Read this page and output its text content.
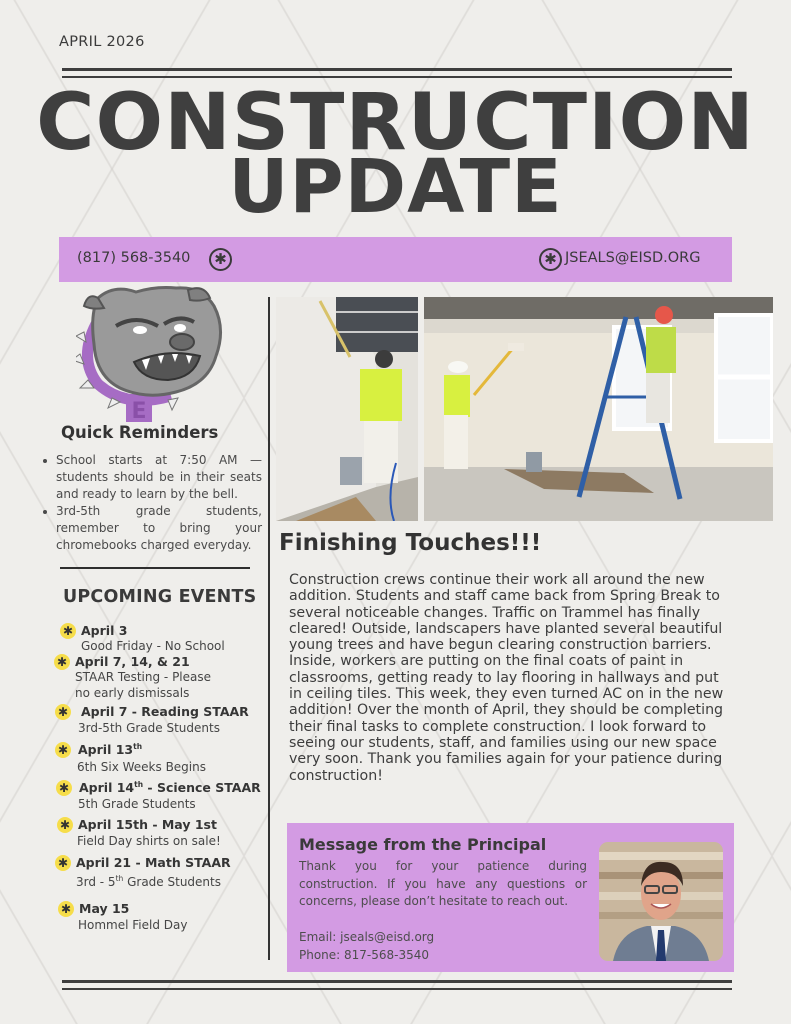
APRIL 2026
CONSTRUCTION
UPDATE
(817) 568-3540	✱	✱ JSEALS@EISD.ORG
E
Quick Reminders
School starts at 7:50 AM — students should be in their seats and ready to learn by the bell.
3rd-5th grade students, remember to bring your chromebooks charged everyday.
UPCOMING EVENTS
✱ April 3
Good Friday - No School
✱ April 7, 14, & 21
STAAR Testing - Please
no early dismissals
✱ April 7 - Reading STAAR
3rd-5th Grade Students
✱ April 13th
6th Six Weeks Begins
✱ April 14th - Science STAAR
5th Grade Students
✱ April 15th - May 1st
Field Day shirts on sale!
✱ April 21 - Math STAAR
3rd - 5th Grade Students
✱ May 15
Hommel Field Day
Finishing Touches!!!
Construction crews continue their work all around the new addition. Students and staff came back from Spring Break to several noticeable changes. Traffic on Trammel has finally cleared! Outside, landscapers have planted several beautiful young trees and have begun clearing construction barriers. Inside, workers are putting on the final coats of paint in classrooms, getting ready to lay flooring in hallways and put in ceiling tiles. This week, they even turned AC on in the new addition! Over the month of April, they should be completing their final tasks to complete construction. I look forward to seeing our students, staff, and families using our new space very soon. Thank you families again for your patience during construction!
Message from the Principal
Thank you for your patience during construction. If you have any questions or concerns, please don’t hesitate to reach out.
Email: jseals@eisd.org
Phone: 817-568-3540
